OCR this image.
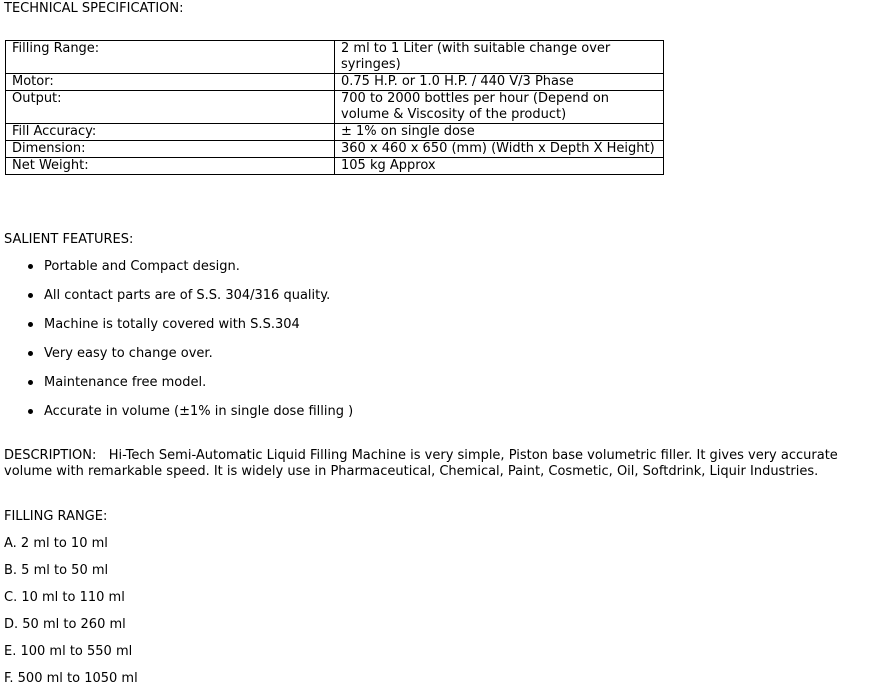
TECHNICAL SPECIFICATION:
Filling Range:	2 ml to 1 Liter (with suitable change over syringes)
Motor:	0.75 H.P. or 1.0 H.P. / 440 V/3 Phase
Output:	700 to 2000 bottles per hour (Depend on volume & Viscosity of the product)
Fill Accuracy:	± 1% on single dose
Dimension:	360 x 460 x 650 (mm) (Width x Depth X Height)
Net Weight:	105 kg Approx
SALIENT FEATURES:
Portable and Compact design.
All contact parts are of S.S. 304/316 quality.
Machine is totally covered with S.S.304
Very easy to change over.
Maintenance free model.
Accurate in volume (±1% in single dose filling )

DESCRIPTION: Hi-Tech Semi-Automatic Liquid Filling Machine is very simple, Piston base volumetric filler. It gives very accurate volume with remarkable speed. It is widely use in Pharmaceutical, Chemical, Paint, Cosmetic, Oil, Softdrink, Liquir Industries.

FILLING RANGE:
A. 2 ml to 10 ml
B. 5 ml to 50 ml
C. 10 ml to 110 ml
D. 50 ml to 260 ml
E. 100 ml to 550 ml
F. 500 ml to 1050 ml
